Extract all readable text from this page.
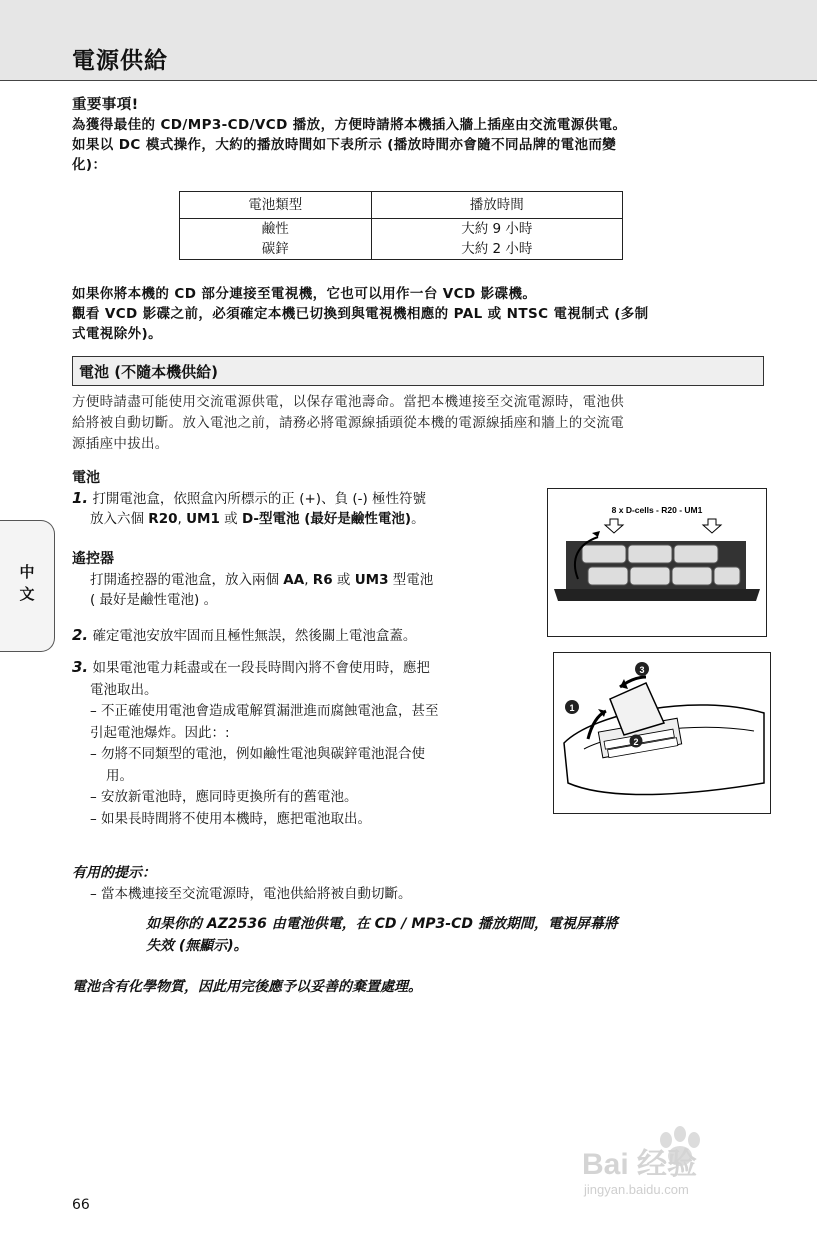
電源供給
重要事項!
為獲得最佳的 CD/MP3-CD/VCD 播放，方便時請將本機插入牆上插座由交流電源供電。
如果以 DC 模式操作，大約的播放時間如下表所示 (播放時間亦會隨不同品牌的電池而變
化)：
電池類型	播放時間
鹼性	大約 9 小時
碳鋅	大約 2 小時
如果你將本機的 CD 部分連接至電視機，它也可以用作一台 VCD 影碟機。
觀看 VCD 影碟之前，必須確定本機已切換到與電視機相應的 PAL 或 NTSC 電視制式 (多制
式電視除外)。
電池 (不隨本機供給)
方便時請盡可能使用交流電源供電，以保存電池壽命。當把本機連接至交流電源時，電池供
給將被自動切斷。放入電池之前，請務必將電源線插頭從本機的電源線插座和牆上的交流電
源插座中拔出。
中文
電池
1. 打開電池盒，依照盒內所標示的正 (+)、負 (-) 極性符號
放入六個 R20, UM1 或 D-型電池 (最好是鹼性電池)。
遙控器
打開遙控器的電池盒，放入兩個 AA, R6 或 UM3 型電池
( 最好是鹼性電池) 。
2. 確定電池安放牢固而且極性無誤，然後關上電池盒蓋。
3. 如果電池電力耗盡或在一段長時間內將不會使用時，應把
電池取出。
– 不正確使用電池會造成電解質漏泄進而腐蝕電池盒，甚至
引起電池爆炸。因此：:
– 勿將不同類型的電池，例如鹼性電池與碳鋅電池混合使
用。
– 安放新電池時，應同時更換所有的舊電池。
– 如果長時間將不使用本機時，應把電池取出。
8 x D-cells - R20 - UM1
1
2
3
有用的提示：
– 當本機連接至交流電源時，電池供給將被自動切斷。
如果你的 AZ2536 由電池供電，在 CD / MP3-CD 播放期間，電視屏幕將
失效 (無顯示)。
電池含有化學物質，因此用完後應予以妥善的棄置處理。
66
Bai 经验
jingyan.baidu.com
